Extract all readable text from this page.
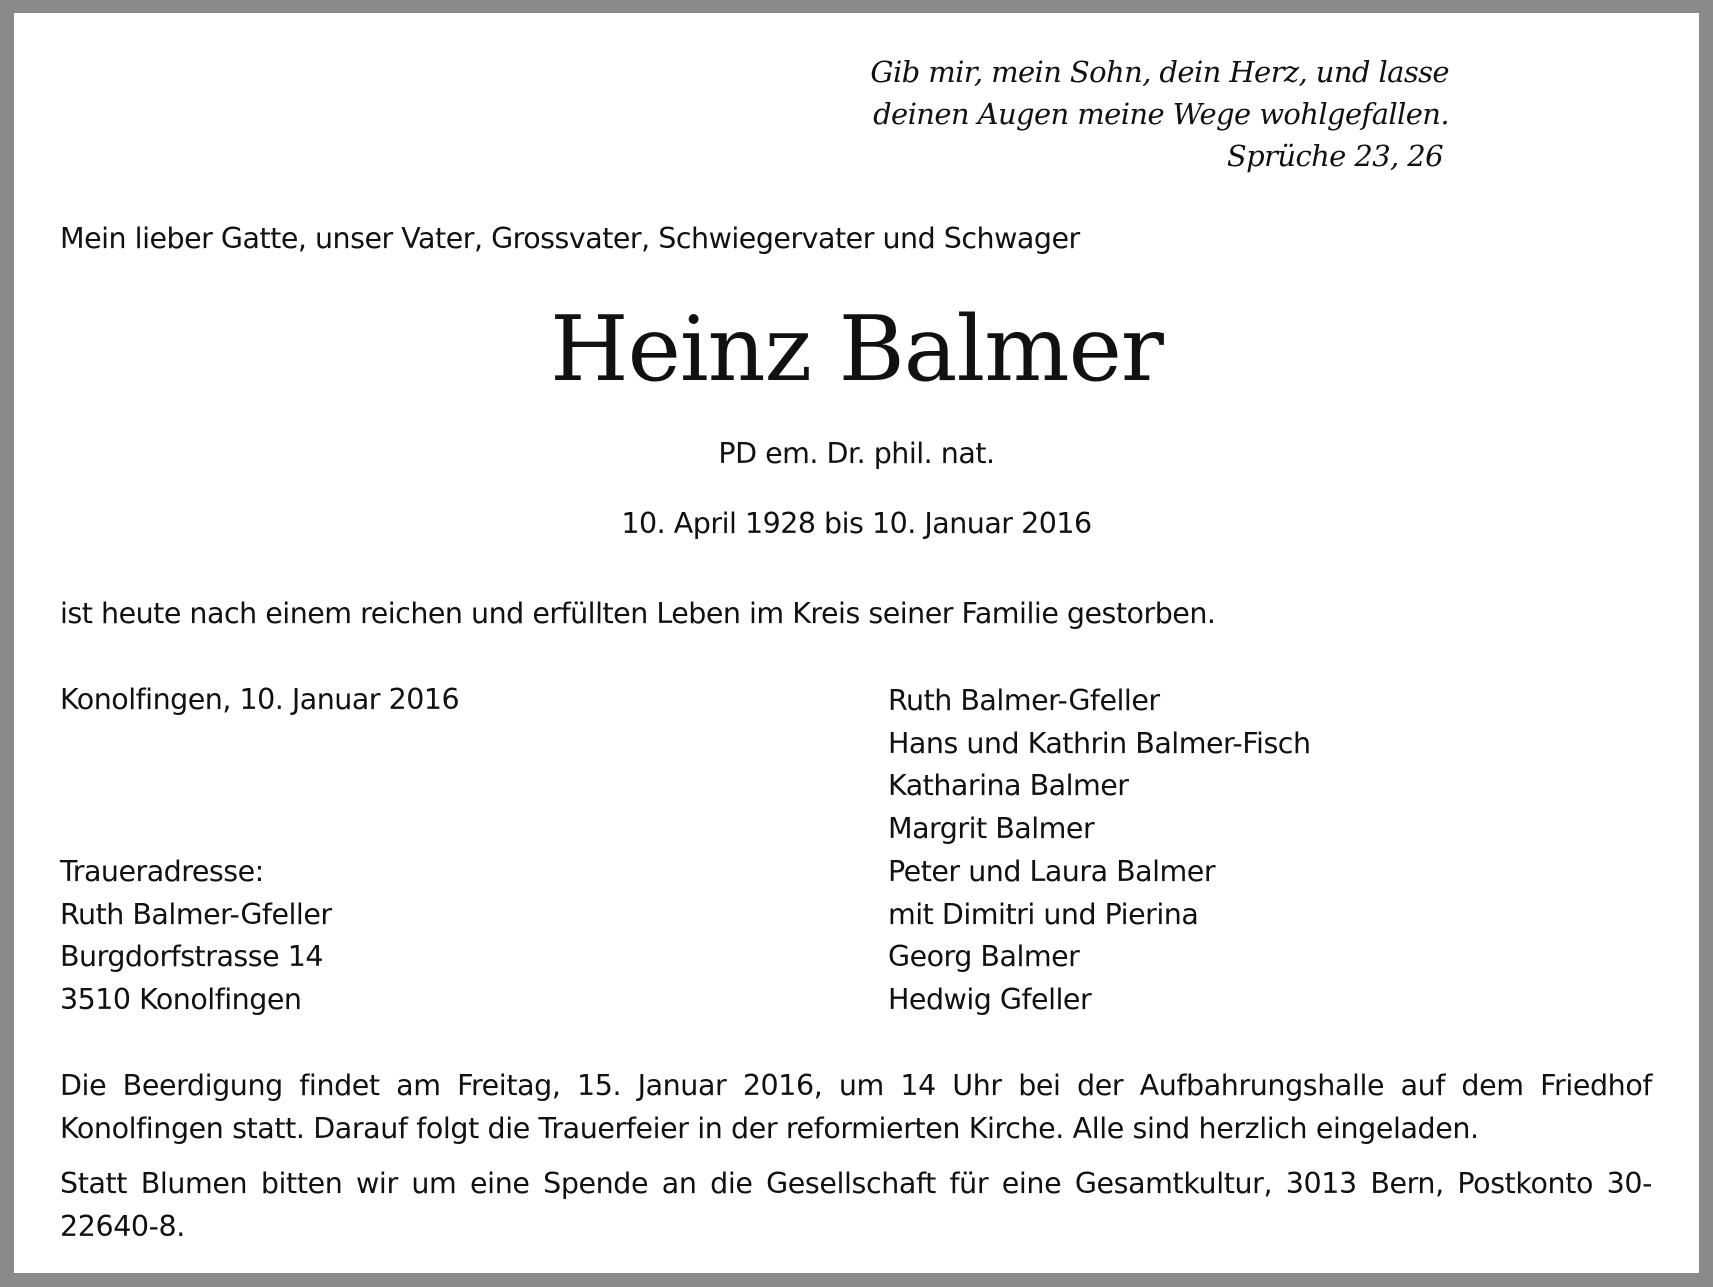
Gib mir, mein Sohn, dein Herz, und lasse
deinen Augen meine Wege wohlgefallen.
Sprüche 23, 26
Mein lieber Gatte, unser Vater, Grossvater, Schwiegervater und Schwager
Heinz Balmer
PD em. Dr. phil. nat.
10. April 1928 bis 10. Januar 2016
ist heute nach einem reichen und erfüllten Leben im Kreis seiner Familie gestorben.
Konolfingen, 10. Januar 2016	Ruth Balmer-Gfeller
Hans und Kathrin Balmer-Fisch
Katharina Balmer
Margrit Balmer
Peter und Laura Balmer
mit Dimitri und Pierina
Georg Balmer
Hedwig Gfeller
Traueradresse:
Ruth Balmer-Gfeller
Burgdorfstrasse 14
3510 Konolfingen
Die Beerdigung findet am Freitag, 15. Januar 2016, um 14 Uhr bei der Aufbahrungshalle auf dem Friedhof Konolfingen statt. Darauf folgt die Trauerfeier in der reformierten Kirche. Alle sind herzlich eingeladen.
Statt Blumen bitten wir um eine Spende an die Gesellschaft für eine Gesamtkultur, 3013 Bern, Postkonto 30-22640-8.
